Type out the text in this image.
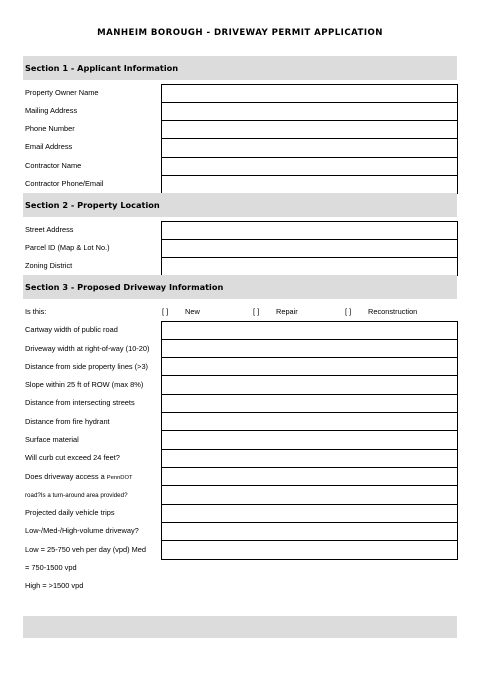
MANHEIM BOROUGH - DRIVEWAY PERMIT APPLICATION
Section 1 - Applicant Information
Property Owner Name
Mailing Address
Phone Number
Email Address
Contractor Name
Contractor Phone/Email
Section 2 - Property Location
Street Address
Parcel ID (Map & Lot No.)
Zoning District
Section 3 - Proposed Driveway Information
Is this:	[ ] New	[ ] Repair	[ ] Reconstruction
Cartway width of public road
Driveway width at right-of-way (10-20)
Distance from side property lines (>3)
Slope within 25 ft of ROW (max 8%)
Distance from intersecting streets
Distance from fire hydrant
Surface material
Will curb cut exceed 24 feet?
Does driveway access a PennDOT
road?Is a turn-around area provided?
Projected daily vehicle trips
Low-/Med-/High-volume driveway?
Low = 25-750 veh per day (vpd) Med
= 750-1500 vpd
High = >1500 vpd
